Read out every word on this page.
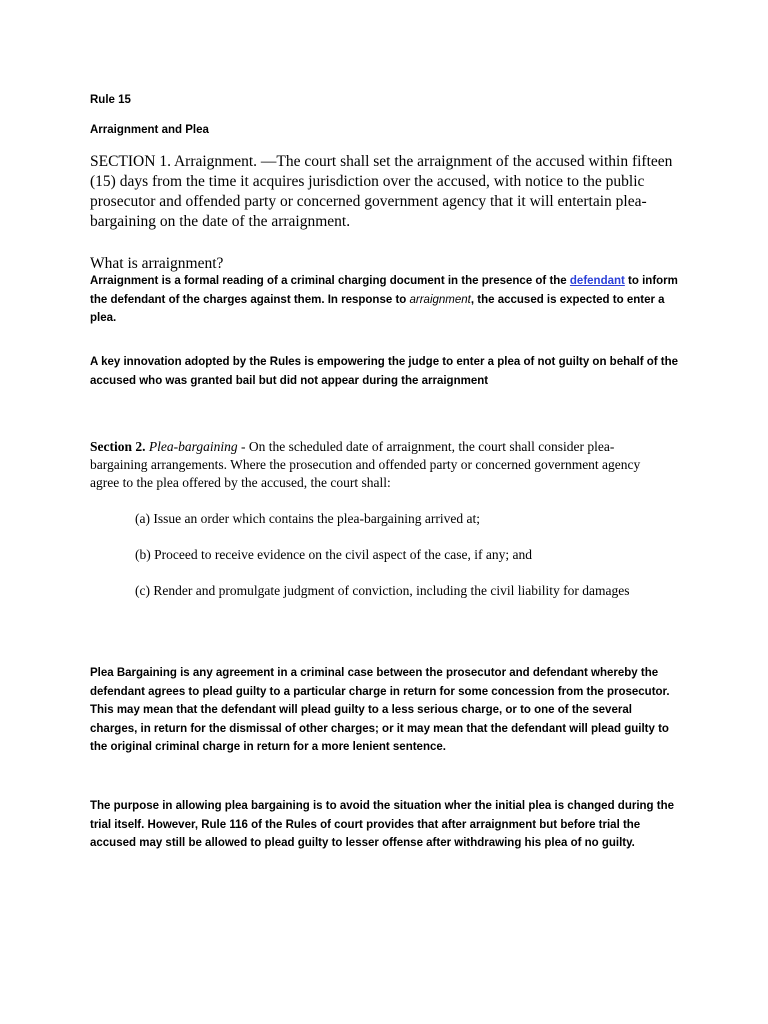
Rule 15

Arraignment and Plea

SECTION 1. Arraignment. —The court shall set the arraignment of the accused within fifteen (15) days from the time it acquires jurisdiction over the accused, with notice to the public prosecutor and offended party or concerned government agency that it will entertain plea-bargaining on the date of the arraignment.

What is arraignment?

Arraignment is a formal reading of a criminal charging document in the presence of the defendant to inform the defendant of the charges against them. In response to arraignment, the accused is expected to enter a plea.

A key innovation adopted by the Rules is empowering the judge to enter a plea of not guilty on behalf of the accused who was granted bail but did not appear during the arraignment

Section 2. Plea-bargaining - On the scheduled date of arraignment, the court shall consider plea-bargaining arrangements. Where the prosecution and offended party or concerned government agency agree to the plea offered by the accused, the court shall:

(a) Issue an order which contains the plea-bargaining arrived at;

(b) Proceed to receive evidence on the civil aspect of the case, if any; and

(c) Render and promulgate judgment of conviction, including the civil liability for damages

Plea Bargaining is any agreement in a criminal case between the prosecutor and defendant whereby the defendant agrees to plead guilty to a particular charge in return for some concession from the prosecutor. This may mean that the defendant will plead guilty to a less serious charge, or to one of the several charges, in return for the dismissal of other charges; or it may mean that the defendant will plead guilty to the original criminal charge in return for a more lenient sentence.

The purpose in allowing plea bargaining is to avoid the situation wher the initial plea is changed during the trial itself. However, Rule 116 of the Rules of court provides that after arraignment but before trial the accused may still be allowed to plead guilty to lesser offense after withdrawing his plea of no guilty.
